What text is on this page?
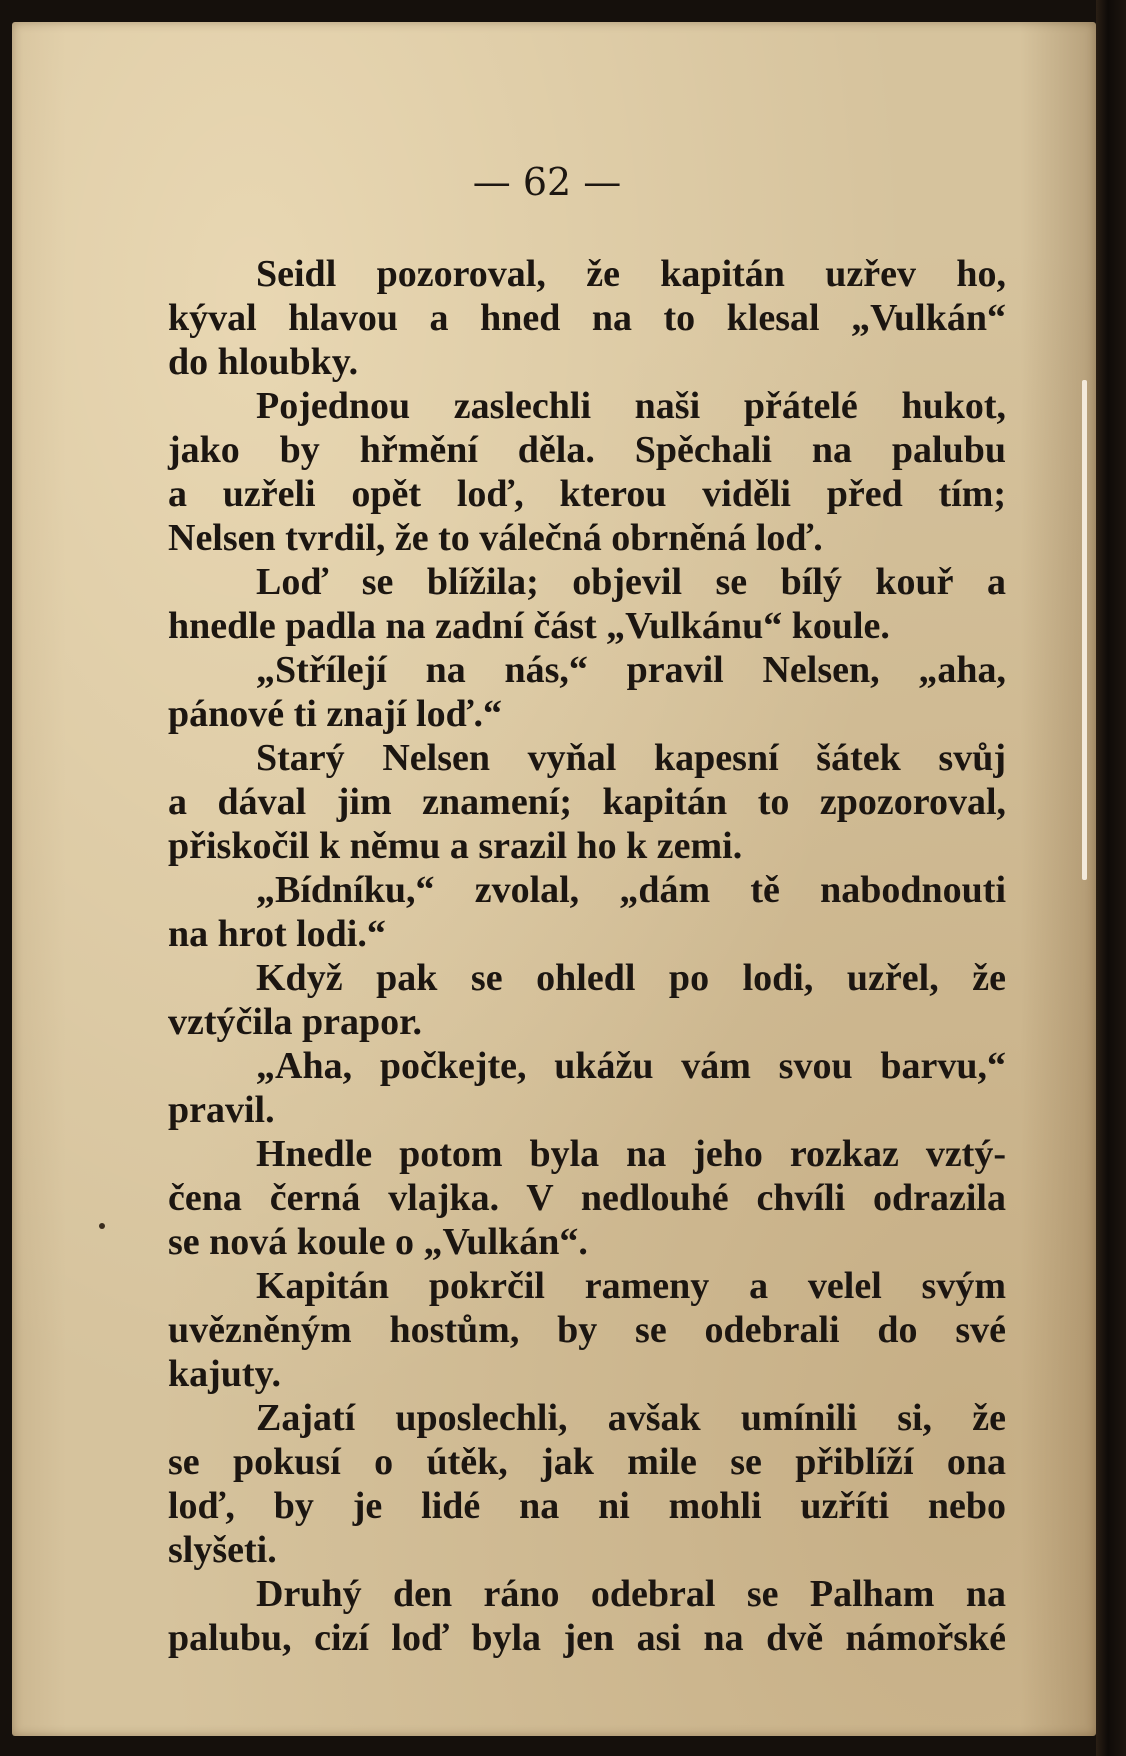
— 62 —
Seidl pozoroval, že kapitán uzřev ho,
kýval hlavou a hned na to klesal „Vulkán“
do hloubky.
Pojednou zaslechli naši přátelé hukot,
jako by hřmění děla. Spěchali na palubu
a uzřeli opět loď, kterou viděli před tím;
Nelsen tvrdil, že to válečná obrněná loď.
Loď se blížila; objevil se bílý kouř a
hnedle padla na zadní část „Vulkánu“ koule.
„Střílejí na nás,“ pravil Nelsen, „aha,
pánové ti znají loď.“
Starý Nelsen vyňal kapesní šátek svůj
a dával jim znamení; kapitán to zpozoroval,
přiskočil k němu a srazil ho k zemi.
„Bídníku,“ zvolal, „dám tě nabodnouti
na hrot lodi.“
Když pak se ohledl po lodi, uzřel, že
vztýčila prapor.
„Aha, počkejte, ukážu vám svou barvu,“
pravil.
Hnedle potom byla na jeho rozkaz vztý-
čena černá vlajka. V nedlouhé chvíli odrazila
se nová koule o „Vulkán“.
Kapitán pokrčil rameny a velel svým
uvězněným hostům, by se odebrali do své
kajuty.
Zajatí uposlechli, avšak umínili si, že
se pokusí o útěk, jak mile se přiblíží ona
loď, by je lidé na ni mohli uzříti nebo
slyšeti.
Druhý den ráno odebral se Palham na
palubu, cizí loď byla jen asi na dvě námořské
